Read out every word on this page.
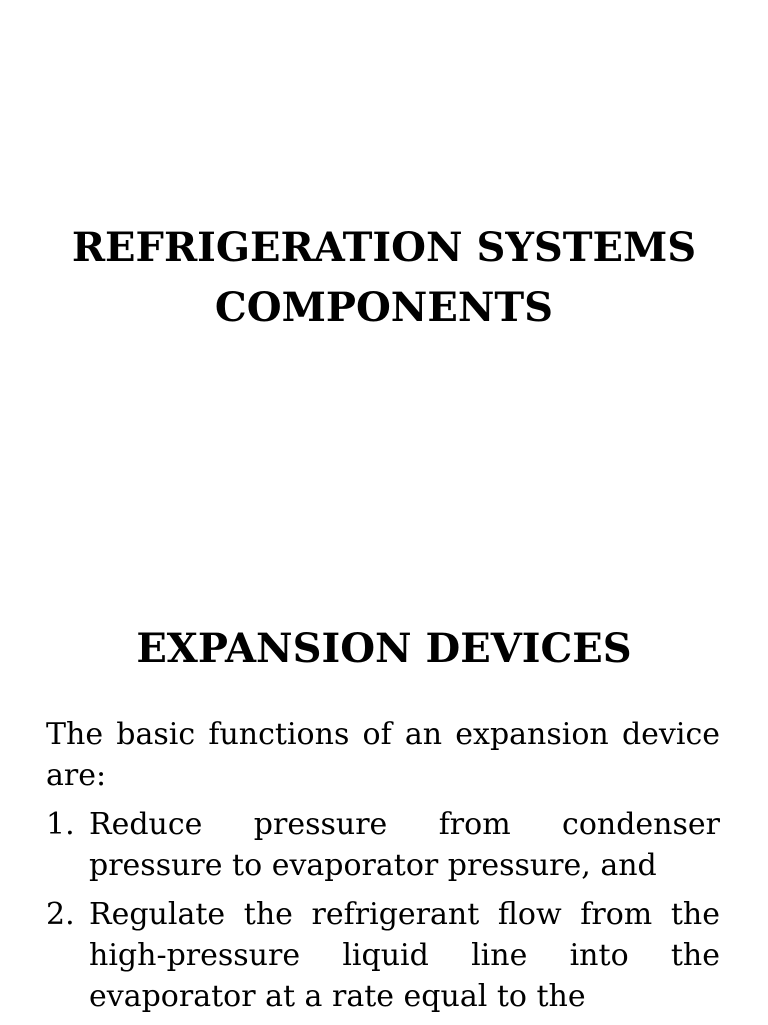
REFRIGERATION SYSTEMS
COMPONENTS
EXPANSION DEVICES

The basic functions of an expansion device are:

1. Reduce pressure from condenser pressure to evaporator pressure, and
2. Regulate the refrigerant flow from the high-pressure liquid line into the evaporator at a rate equal to the
